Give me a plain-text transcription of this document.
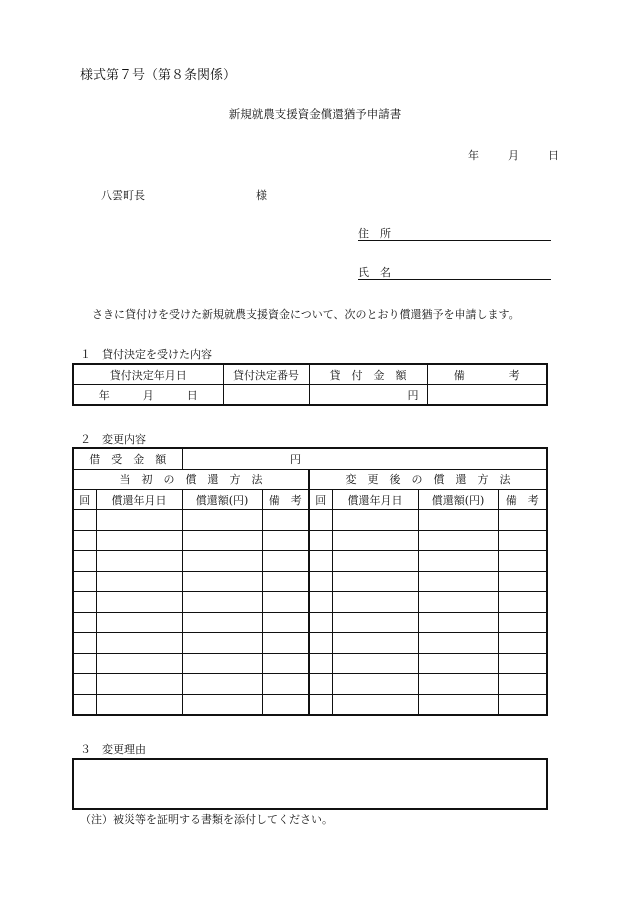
様式第７号（第８条関係）
新規就農支援資金償還猶予申請書
年	月	日
八雲町長	様
住　所
氏　名
さきに貸付けを受けた新規就農支援資金について、次のとおり償還猶予を申請します。
１　貸付決定を受けた内容
貸付決定年月日	貸付決定番号	貸　付　金　額	備　　　　考
年　　　月　　　日		円	
２　変更内容
借　受　金　額		円					
当　初　の　償　還　方　法				変　更　後　の　償　還　方　法			
回	償還年月日	償還額(円)	備　考	回	償還年月日	償還額(円)	備　考

３　変更理由
（注）被災等を証明する書類を添付してください。
